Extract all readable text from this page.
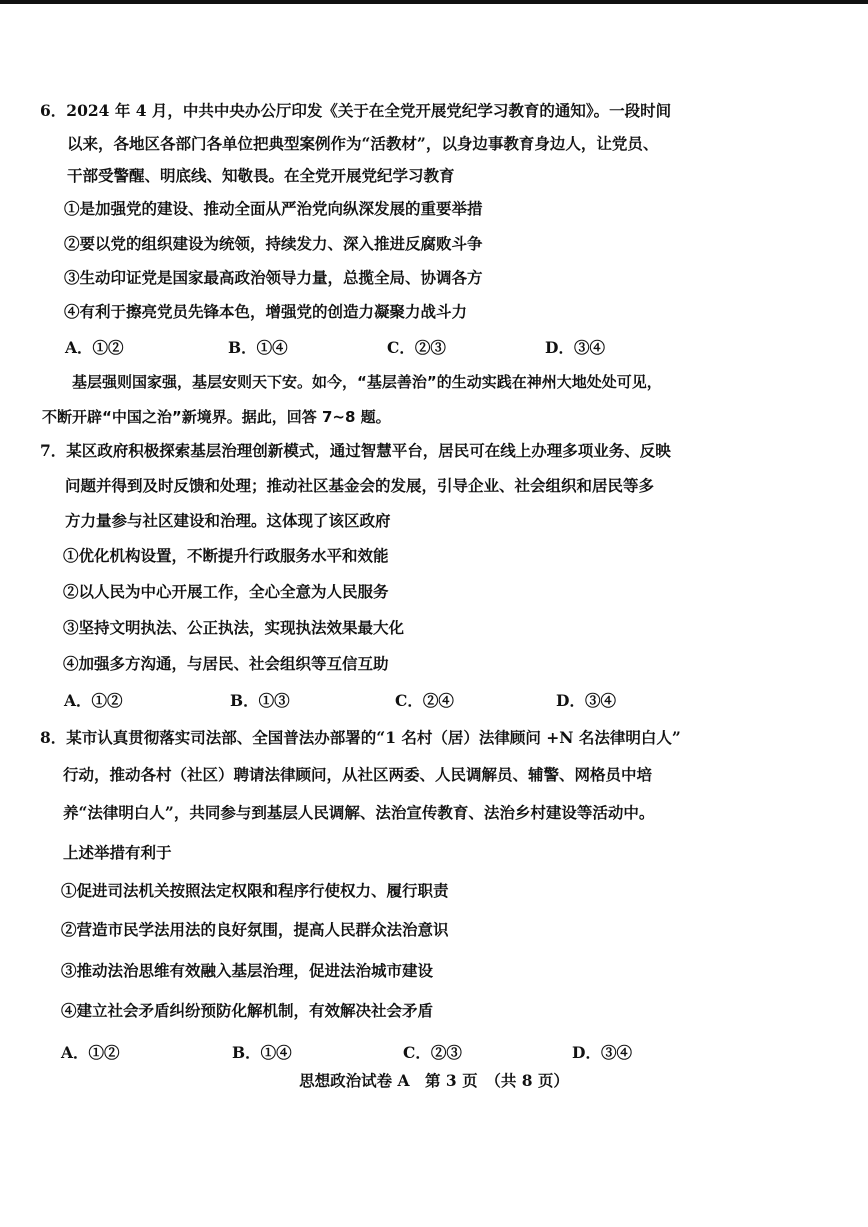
6．2024 年 4 月，中共中央办公厅印发《关于在全党开展党纪学习教育的通知》。一段时间
以来，各地区各部门各单位把典型案例作为“活教材”，以身边事教育身边人，让党员、
干部受警醒、明底线、知敬畏。在全党开展党纪学习教育
①是加强党的建设、推动全面从严治党向纵深发展的重要举措
②要以党的组织建设为统领，持续发力、深入推进反腐败斗争
③生动印证党是国家最高政治领导力量，总揽全局、协调各方
④有利于擦亮党员先锋本色，增强党的创造力凝聚力战斗力
A．①②	B．①④	C．②③	D．③④
基层强则国家强，基层安则天下安。如今，“基层善治”的生动实践在神州大地处处可见，
不断开辟“中国之治”新境界。据此，回答 7~8 题。
7．某区政府积极探索基层治理创新模式，通过智慧平台，居民可在线上办理多项业务、反映
问题并得到及时反馈和处理；推动社区基金会的发展，引导企业、社会组织和居民等多
方力量参与社区建设和治理。这体现了该区政府
①优化机构设置，不断提升行政服务水平和效能
②以人民为中心开展工作，全心全意为人民服务
③坚持文明执法、公正执法，实现执法效果最大化
④加强多方沟通，与居民、社会组织等互信互助
A．①②	B．①③	C．②④	D．③④
8．某市认真贯彻落实司法部、全国普法办部署的“1 名村（居）法律顾问 +N 名法律明白人”
行动，推动各村（社区）聘请法律顾问，从社区两委、人民调解员、辅警、网格员中培
养“法律明白人”，共同参与到基层人民调解、法治宣传教育、法治乡村建设等活动中。
上述举措有利于
①促进司法机关按照法定权限和程序行使权力、履行职责
②营造市民学法用法的良好氛围，提高人民群众法治意识
③推动法治思维有效融入基层治理，促进法治城市建设
④建立社会矛盾纠纷预防化解机制，有效解决社会矛盾
A．①②	B．①④	C．②③	D．③④
思想政治试卷 A　第 3 页　（共 8 页）
